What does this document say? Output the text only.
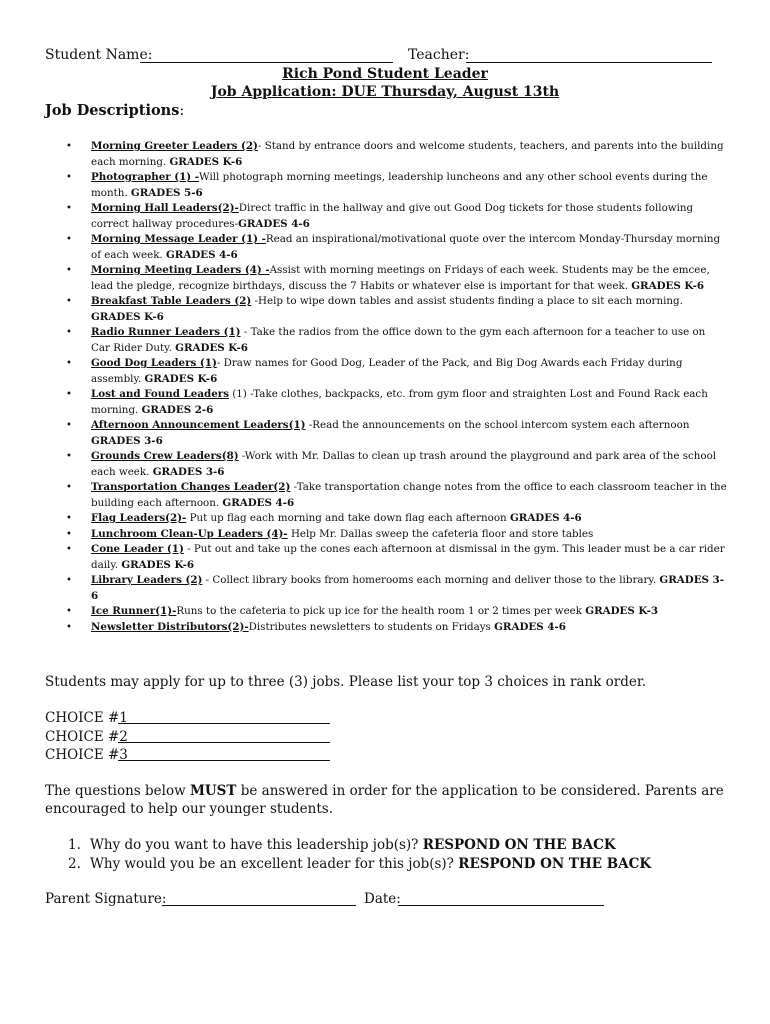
Student Name:	Teacher:
Rich Pond Student Leader
Job Application: DUE Thursday, August 13th
Job Descriptions:
• Morning Greeter Leaders (2)- Stand by entrance doors and welcome students, teachers, and parents into the building each morning. GRADES K-6
• Photographer (1) -Will photograph morning meetings, leadership luncheons and any other school events during the month. GRADES 5-6
• Morning Hall Leaders(2)-Direct traffic in the hallway and give out Good Dog tickets for those students following correct hallway procedures-GRADES 4-6
• Morning Message Leader (1) -Read an inspirational/motivational quote over the intercom Monday-Thursday morning of each week. GRADES 4-6
• Morning Meeting Leaders (4) -Assist with morning meetings on Fridays of each week. Students may be the emcee, lead the pledge, recognize birthdays, discuss the 7 Habits or whatever else is important for that week. GRADES K-6
• Breakfast Table Leaders (2) -Help to wipe down tables and assist students finding a place to sit each morning. GRADES K-6
• Radio Runner Leaders (1) - Take the radios from the office down to the gym each afternoon for a teacher to use on Car Rider Duty. GRADES K-6
• Good Dog Leaders (1)- Draw names for Good Dog, Leader of the Pack, and Big Dog Awards each Friday during assembly. GRADES K-6
• Lost and Found Leaders (1) -Take clothes, backpacks, etc. from gym floor and straighten Lost and Found Rack each morning. GRADES 2-6
• Afternoon Announcement Leaders(1) -Read the announcements on the school intercom system each afternoon GRADES 3-6
• Grounds Crew Leaders(8) -Work with Mr. Dallas to clean up trash around the playground and park area of the school each week. GRADES 3-6
• Transportation Changes Leader(2) -Take transportation change notes from the office to each classroom teacher in the building each afternoon. GRADES 4-6
• Flag Leaders(2)- Put up flag each morning and take down flag each afternoon GRADES 4-6
• Lunchroom Clean-Up Leaders (4)- Help Mr. Dallas sweep the cafeteria floor and store tables
• Cone Leader (1) - Put out and take up the cones each afternoon at dismissal in the gym. This leader must be a car rider daily. GRADES K-6
• Library Leaders (2) - Collect library books from homerooms each morning and deliver those to the library. GRADES 3-6
• Ice Runner(1)-Runs to the cafeteria to pick up ice for the health room 1 or 2 times per week GRADES K-3
• Newsletter Distributors(2)-Distributes newsletters to students on Fridays GRADES 4-6
Students may apply for up to three (3) jobs. Please list your top 3 choices in rank order.
CHOICE #1
CHOICE #2
CHOICE #3
The questions below MUST be answered in order for the application to be considered. Parents are encouraged to help our younger students.
1. Why do you want to have this leadership job(s)? RESPOND ON THE BACK
2. Why would you be an excellent leader for this job(s)? RESPOND ON THE BACK
Parent Signature:	Date:
